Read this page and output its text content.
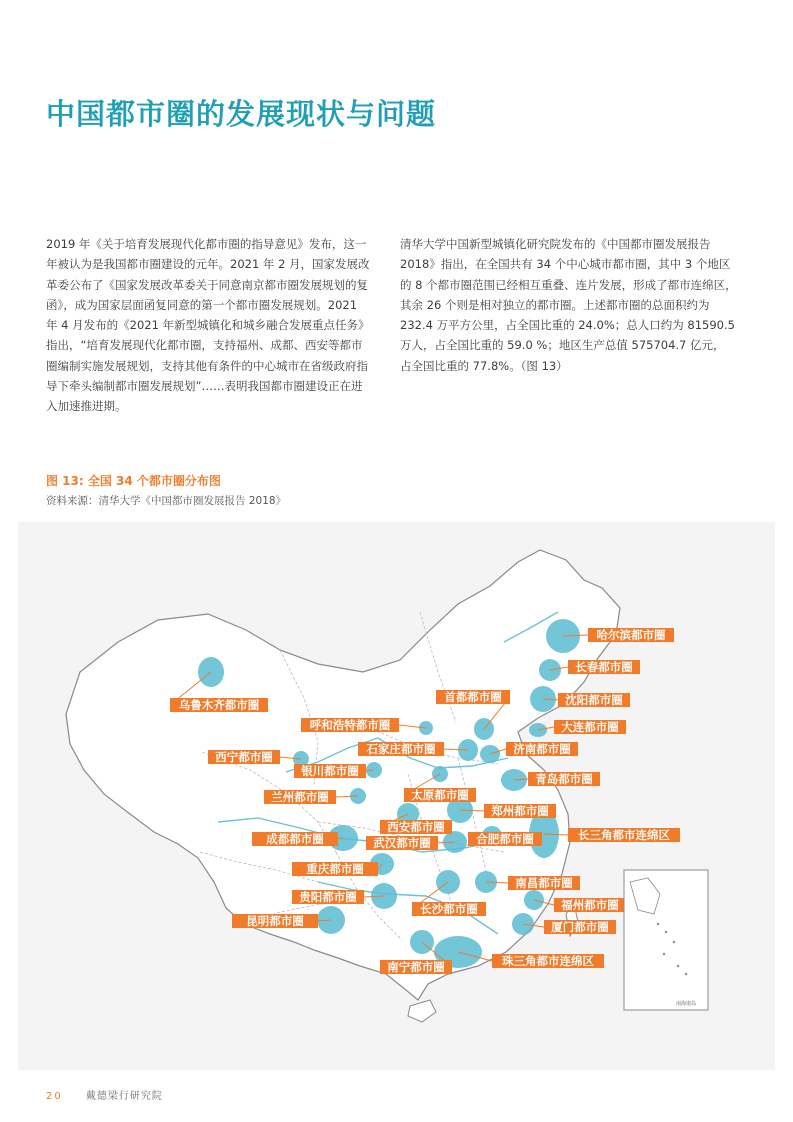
中国都市圈的发展现状与问题

2019 年《关于培育发展现代化都市圈的指导意见》发布，这一
年被认为是我国都市圈建设的元年。2021 年 2 月，国家发展改
革委公布了《国家发展改革委关于同意南京都市圈发展规划的复
函》，成为国家层面函复同意的第一个都市圈发展规划。2021
年 4 月发布的《2021 年新型城镇化和城乡融合发展重点任务》
指出，“培育发展现代化都市圈，支持福州、成都、西安等都市
圈编制实施发展规划，支持其他有条件的中心城市在省级政府指
导下牵头编制都市圈发展规划”……表明我国都市圈建设正在进
入加速推进期。

清华大学中国新型城镇化研究院发布的《中国都市圈发展报告
2018》指出，在全国共有 34 个中心城市都市圈，其中 3 个地区
的 8 个都市圈范围已经相互重叠、连片发展，形成了都市连绵区，
其余 26 个则是相对独立的都市圈。上述都市圈的总面积约为
232.4 万平方公里，占全国比重的 24.0%；总人口约为 81590.5
万人，占全国比重的 59.0 %；地区生产总值 575704.7 亿元，
占全国比重的 77.8%。（图 13）

图 13: 全国 34 个都市圈分布图
资料来源：清华大学《中国都市圈发展报告 2018》
哈尔滨都市圈
长春都市圈
沈阳都市圈
大连都市圈
首都都市圈
呼和浩特都市圈
乌鲁木齐都市圈
石家庄都市圈	济南都市圈
西宁都市圈
银川都市圈
青岛都市圈
兰州都市圈	太原都市圈
郑州都市圈
西安都市圈
成都都市圈	长三角都市连绵区
武汉都市圈	合肥都市圈
重庆都市圈
南昌都市圈
贵阳都市圈
福州都市圈
长沙都市圈
昆明都市圈	厦门都市圈
珠三角都市连绵区
南宁都市圈
南海诸岛
20 戴德梁行研究院
